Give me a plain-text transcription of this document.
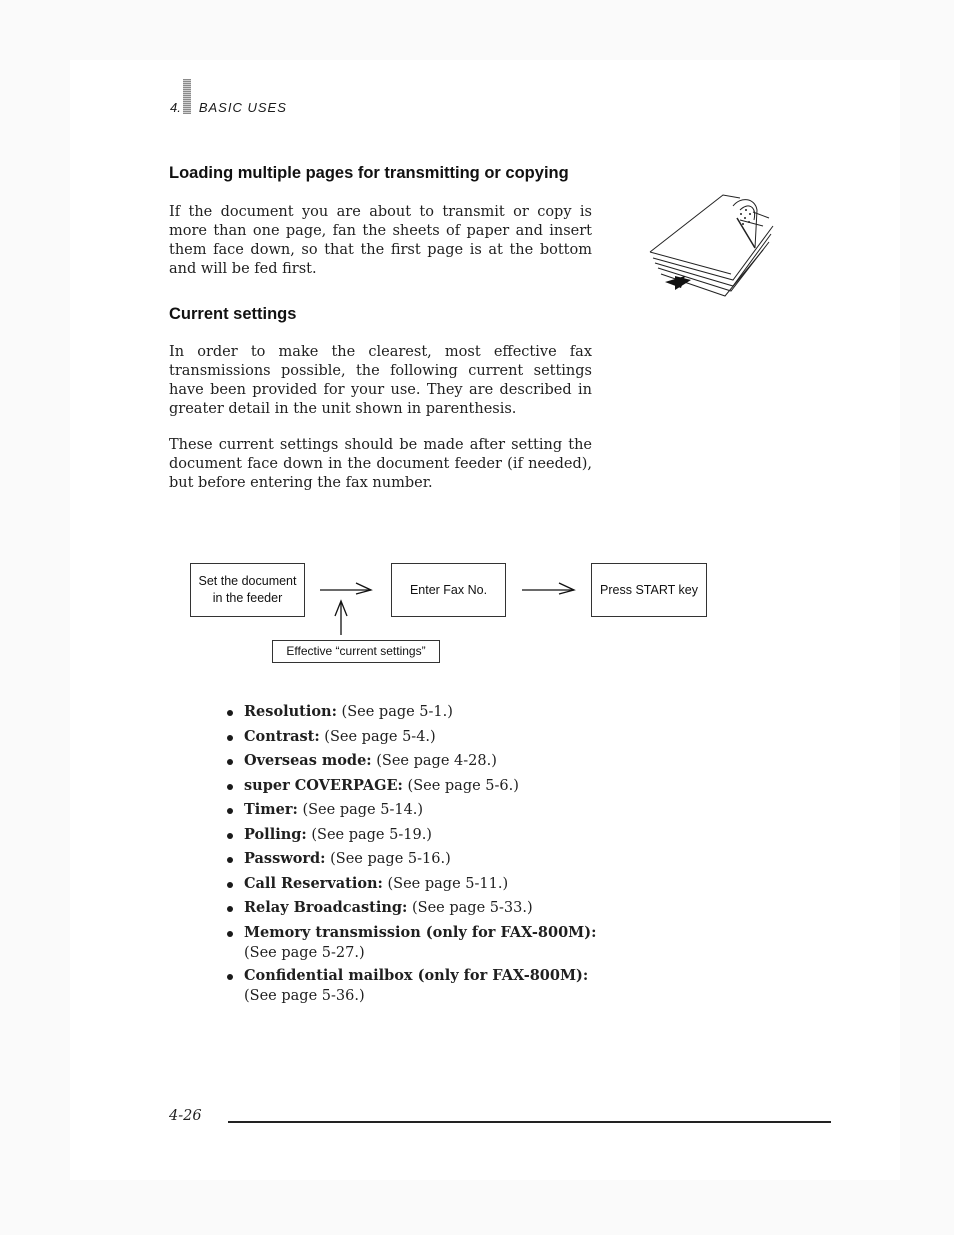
4. BASIC USES
Loading multiple pages for transmitting or copying

If the document you are about to transmit or copy is more than one page, fan the sheets of paper and insert them face down, so that the first page is at the bottom and will be fed first.

Current settings

In order to make the clearest, most effective fax transmissions possible, the following current settings have been provided for your use. They are described in greater detail in the unit shown in parenthesis.

These current settings should be made after setting the document face down in the document feeder (if needed), but before entering the fax number.

Set the document
in the feeder
Enter Fax No.	Press START key
Effective “current settings”
Resolution: (See page 5-1.)
Contrast: (See page 5-4.)
Overseas mode: (See page 4-28.)
super COVERPAGE: (See page 5-6.)
Timer: (See page 5-14.)
Polling: (See page 5-19.)
Password: (See page 5-16.)
Call Reservation: (See page 5-11.)
Relay Broadcasting: (See page 5-33.)
Memory transmission (only for FAX-800M): (See page 5-27.)
Confidential mailbox (only for FAX-800M): (See page 5-36.)
4-26
